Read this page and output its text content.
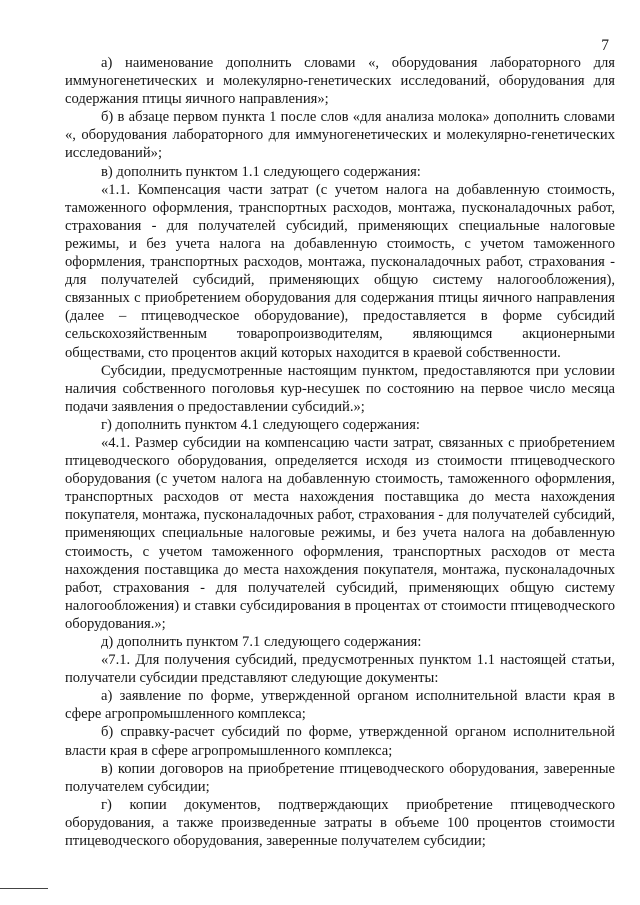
7

а) наименование дополнить словами «, оборудования лабораторного для иммуногенетических и молекулярно-генетических исследований, оборудования для содержания птицы яичного направления»;

б) в абзаце первом пункта 1 после слов «для анализа молока» дополнить словами «, оборудования лабораторного для иммуногенетических и молекулярно-генетических исследований»;

в) дополнить пунктом 1.1 следующего содержания:

«1.1. Компенсация части затрат (с учетом налога на добавленную стоимость, таможенного оформления, транспортных расходов, монтажа, пусконаладочных работ, страхования - для получателей субсидий, применяющих специальные налоговые режимы, и без учета налога на добавленную стоимость, с учетом таможенного оформления, транспортных расходов, монтажа, пусконаладочных работ, страхования - для получателей субсидий, применяющих общую систему налогообложения), связанных с приобретением оборудования для содержания птицы яичного направления (далее – птицеводческое оборудование), предоставляется в форме субсидий сельскохозяйственным товаропроизводителям, являющимся акционерными обществами, сто процентов акций которых находится в краевой собственности.

Субсидии, предусмотренные настоящим пунктом, предоставляются при условии наличия собственного поголовья кур-несушек по состоянию на первое число месяца подачи заявления о предоставлении субсидий.»;

г) дополнить пунктом 4.1 следующего содержания:

«4.1. Размер субсидии на компенсацию части затрат, связанных с приобретением птицеводческого оборудования, определяется исходя из стоимости птицеводческого оборудования (с учетом налога на добавленную стоимость, таможенного оформления, транспортных расходов от места нахождения поставщика до места нахождения покупателя, монтажа, пусконаладочных работ, страхования - для получателей субсидий, применяющих специальные налоговые режимы, и без учета налога на добавленную стоимость, с учетом таможенного оформления, транспортных расходов от места нахождения поставщика до места нахождения покупателя, монтажа, пусконаладочных работ, страхования - для получателей субсидий, применяющих общую систему налогообложения) и ставки субсидирования в процентах от стоимости птицеводческого оборудования.»;

д) дополнить пунктом 7.1 следующего содержания:

«7.1. Для получения субсидий, предусмотренных пунктом 1.1 настоящей статьи, получатели субсидии представляют следующие документы:

а) заявление по форме, утвержденной органом исполнительной власти края в сфере агропромышленного комплекса;

б) справку-расчет субсидий по форме, утвержденной органом исполнительной власти края в сфере агропромышленного комплекса;

в) копии договоров на приобретение птицеводческого оборудования, заверенные получателем субсидии;

г) копии документов, подтверждающих приобретение птицеводческого оборудования, а также произведенные затраты в объеме 100 процентов стоимости птицеводческого оборудования, заверенные получателем субсидии;
